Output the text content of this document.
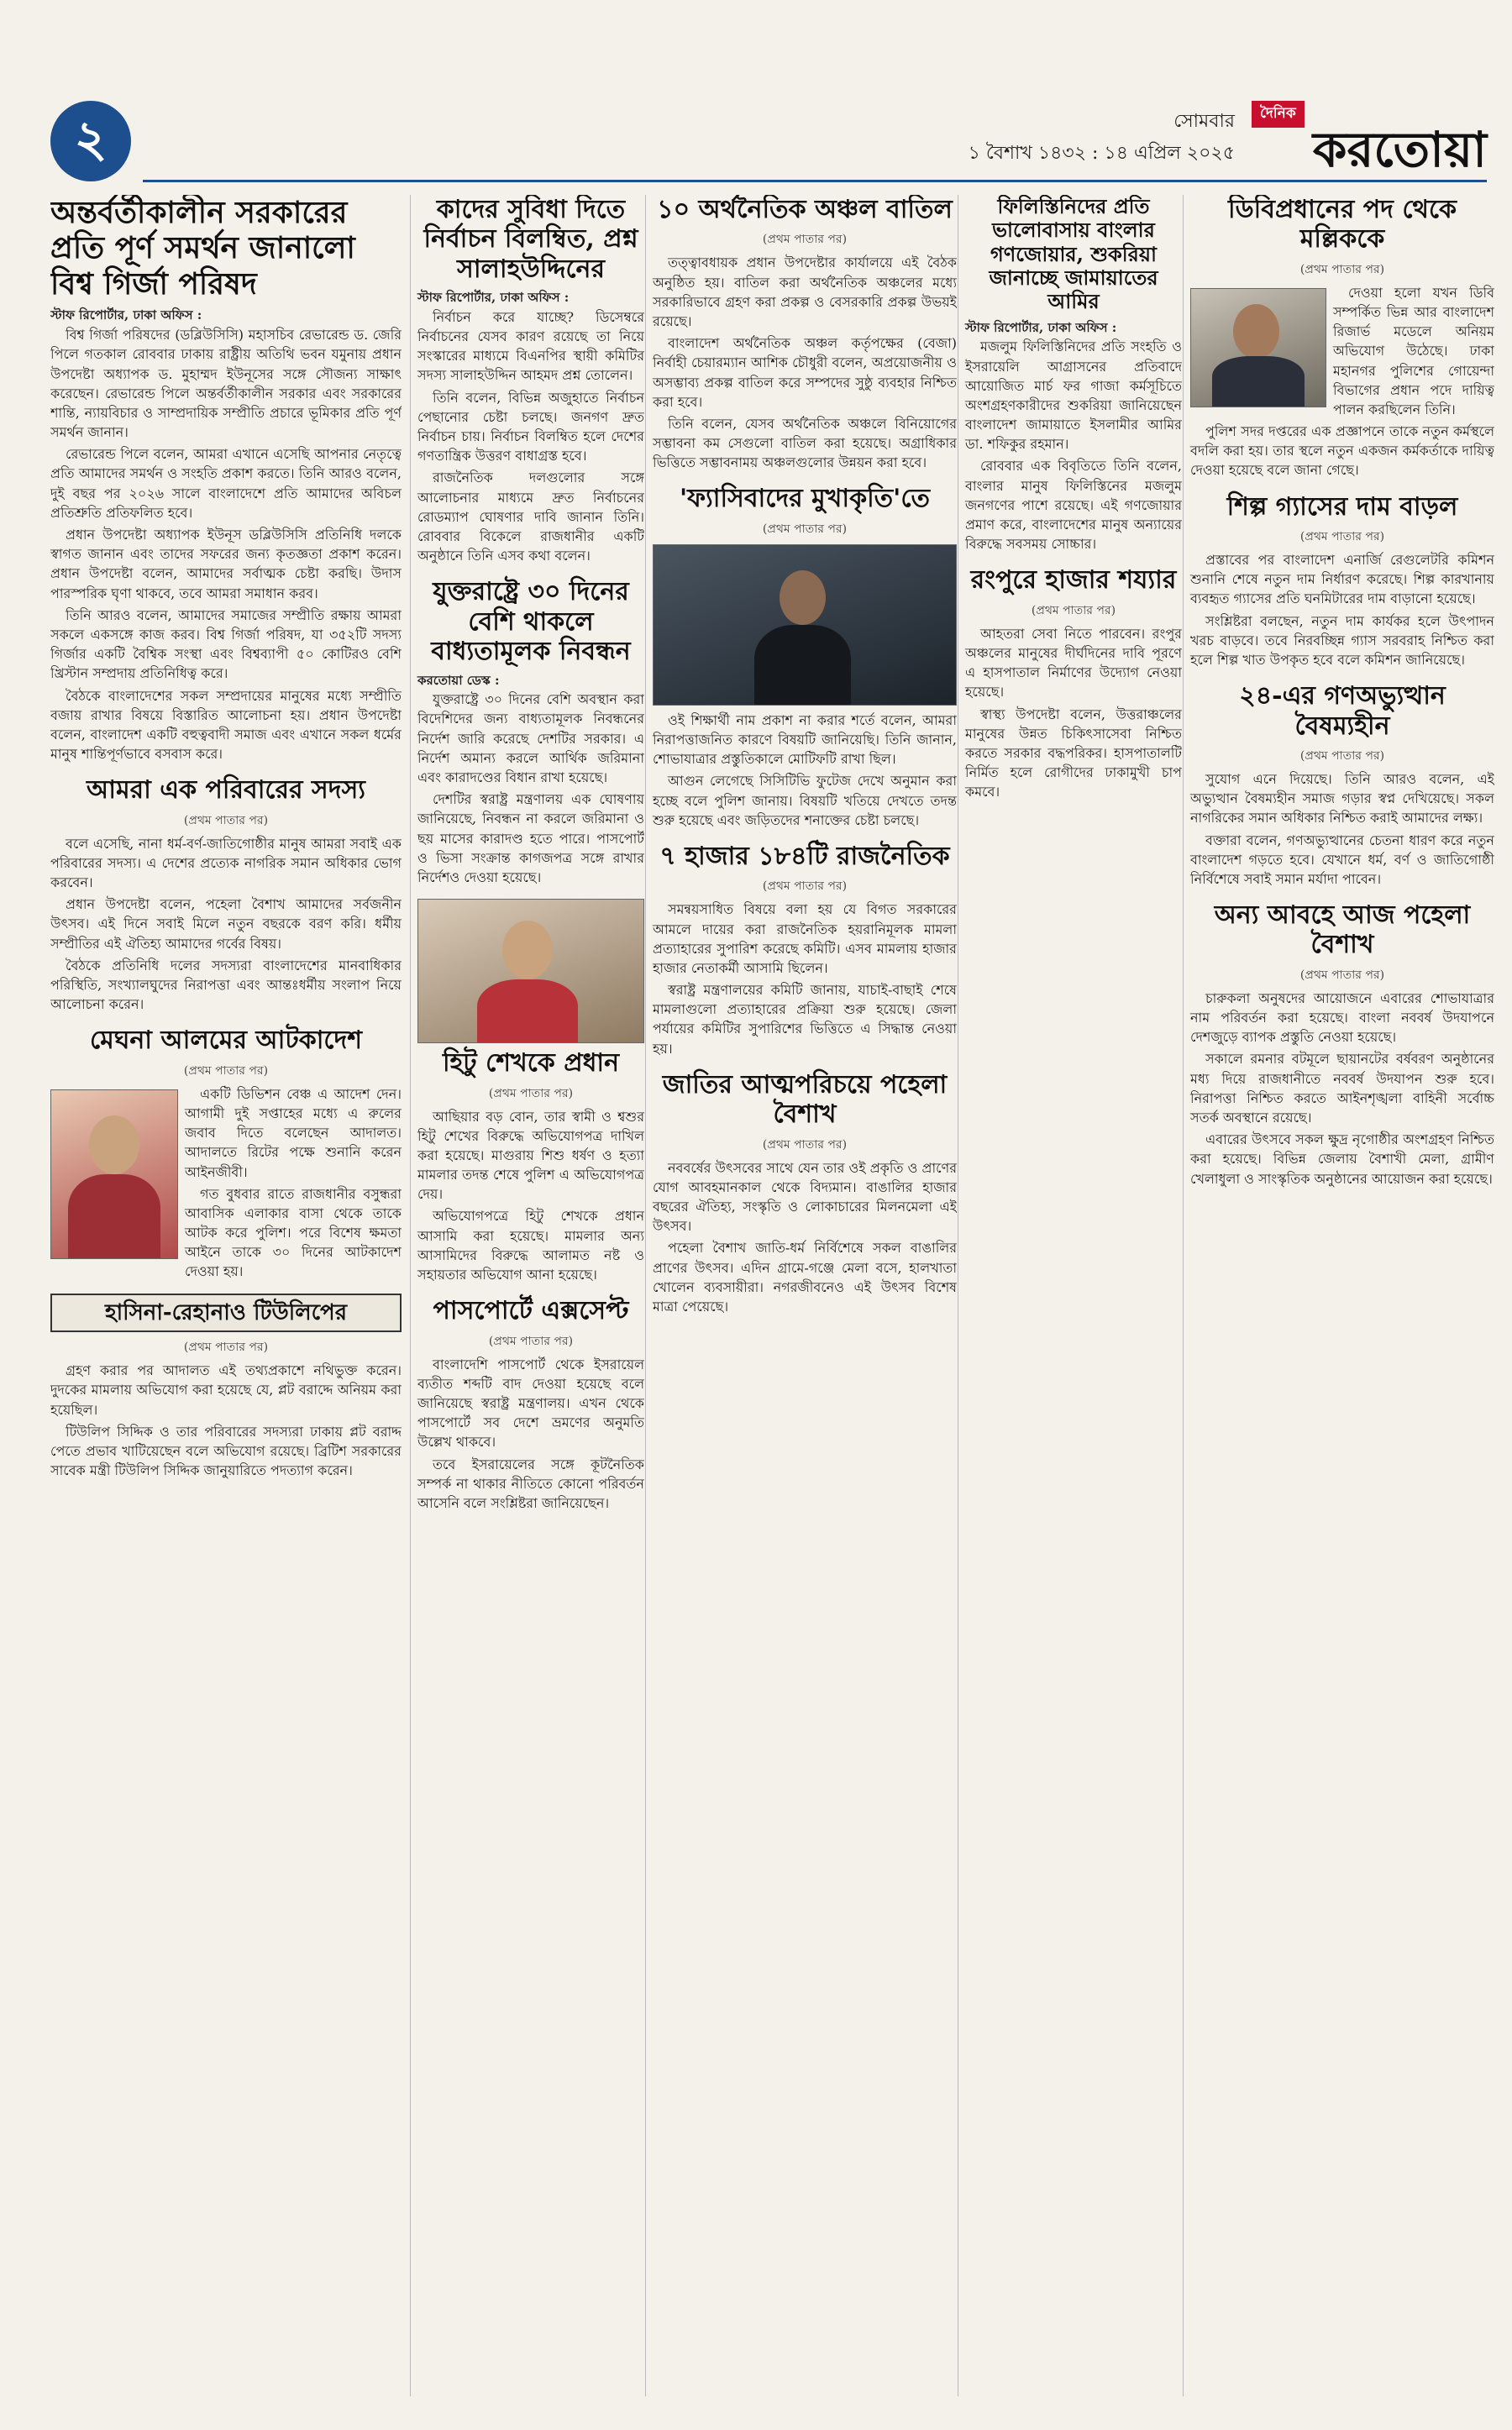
২	সোমবার
১ বৈশাখ ১৪৩২ : ১৪ এপ্রিল ২০২৫
দৈনিক
করতোয়া
অন্তর্বর্তীকালীন সরকারের প্রতি পূর্ণ সমর্থন জানালো বিশ্ব গির্জা পরিষদ
স্টাফ রিপোর্টার, ঢাকা অফিস :

বিশ্ব গির্জা পরিষদের (ডব্লিউসিসি) মহাসচিব রেভারেন্ড ড. জেরি পিলে গতকাল রোববার ঢাকায় রাষ্ট্রীয় অতিথি ভবন যমুনায় প্রধান উপদেষ্টা অধ্যাপক ড. মুহাম্মদ ইউনূসের সঙ্গে সৌজন্য সাক্ষাৎ করেছেন। রেভারেন্ড পিলে অন্তর্বর্তীকালীন সরকার এবং সরকারের শান্তি, ন্যায়বিচার ও সাম্প্রদায়িক সম্প্রীতি প্রচারে ভূমিকার প্রতি পূর্ণ সমর্থন জানান।

রেভারেন্ড পিলে বলেন, আমরা এখানে এসেছি আপনার নেতৃত্বে প্রতি আমাদের সমর্থন ও সংহতি প্রকাশ করতে। তিনি আরও বলেন, দুই বছর পর ২০২৬ সালে বাংলাদেশে প্রতি আমাদের অবিচল প্রতিশ্রুতি প্রতিফলিত হবে।

প্রধান উপদেষ্টা অধ্যাপক ইউনূস ডব্লিউসিসি প্রতিনিধি দলকে স্বাগত জানান এবং তাদের সফরের জন্য কৃতজ্ঞতা প্রকাশ করেন। প্রধান উপদেষ্টা বলেন, আমাদের সর্বাত্মক চেষ্টা করছি। উদাস পারস্পরিক ঘৃণা থাকবে, তবে আমরা সমাধান করব।

তিনি আরও বলেন, আমাদের সমাজের সম্প্রীতি রক্ষায় আমরা সকলে একসঙ্গে কাজ করব। বিশ্ব গির্জা পরিষদ, যা ৩৫২টি সদস্য গির্জার একটি বৈশ্বিক সংস্থা এবং বিশ্বব্যাপী ৫০ কোটিরও বেশি খ্রিস্টান সম্প্রদায় প্রতিনিধিত্ব করে।

বৈঠকে বাংলাদেশের সকল সম্প্রদায়ের মানুষের মধ্যে সম্প্রীতি বজায় রাখার বিষয়ে বিস্তারিত আলোচনা হয়। প্রধান উপদেষ্টা বলেন, বাংলাদেশ একটি বহুত্ববাদী সমাজ এবং এখানে সকল ধর্মের মানুষ শান্তিপূর্ণভাবে বসবাস করে।

আমরা এক পরিবারের সদস্য
(প্রথম পাতার পর)

বলে এসেছি, নানা ধর্ম-বর্ণ-জাতিগোষ্ঠীর মানুষ আমরা সবাই এক পরিবারের সদস্য। এ দেশের প্রত্যেক নাগরিক সমান অধিকার ভোগ করবেন।

প্রধান উপদেষ্টা বলেন, পহেলা বৈশাখ আমাদের সর্বজনীন উৎসব। এই দিনে সবাই মিলে নতুন বছরকে বরণ করি। ধর্মীয় সম্প্রীতির এই ঐতিহ্য আমাদের গর্বের বিষয়।

বৈঠকে প্রতিনিধি দলের সদস্যরা বাংলাদেশের মানবাধিকার পরিস্থিতি, সংখ্যালঘুদের নিরাপত্তা এবং আন্তঃধর্মীয় সংলাপ নিয়ে আলোচনা করেন।

মেঘনা আলমের আটকাদেশ
(প্রথম পাতার পর)

একটি ডিভিশন বেঞ্চ এ আদেশ দেন। আগামী দুই সপ্তাহের মধ্যে এ রুলের জবাব দিতে বলেছেন আদালত। আদালতে রিটের পক্ষে শুনানি করেন আইনজীবী।

গত বুধবার রাতে রাজধানীর বসুন্ধরা আবাসিক এলাকার বাসা থেকে তাকে আটক করে পুলিশ। পরে বিশেষ ক্ষমতা আইনে তাকে ৩০ দিনের আটকাদেশ দেওয়া হয়।

হাসিনা-রেহানাও টিউলিপের
(প্রথম পাতার পর)

গ্রহণ করার পর আদালত এই তথ্যপ্রকাশে নথিভুক্ত করেন। দুদকের মামলায় অভিযোগ করা হয়েছে যে, প্লট বরাদ্দে অনিয়ম করা হয়েছিল।

টিউলিপ সিদ্দিক ও তার পরিবারের সদস্যরা ঢাকায় প্লট বরাদ্দ পেতে প্রভাব খাটিয়েছেন বলে অভিযোগ রয়েছে। ব্রিটিশ সরকারের সাবেক মন্ত্রী টিউলিপ সিদ্দিক জানুয়ারিতে পদত্যাগ করেন।

কাদের সুবিধা দিতে নির্বাচন বিলম্বিত, প্রশ্ন সালাহউদ্দিনের
স্টাফ রিপোর্টার, ঢাকা অফিস :

নির্বাচন করে যাচ্ছে? ডিসেম্বরে নির্বাচনের যেসব কারণ রয়েছে তা নিয়ে সংস্কারের মাধ্যমে বিএনপির স্থায়ী কমিটির সদস্য সালাহউদ্দিন আহমদ প্রশ্ন তোলেন।

তিনি বলেন, বিভিন্ন অজুহাতে নির্বাচন পেছানোর চেষ্টা চলছে। জনগণ দ্রুত নির্বাচন চায়। নির্বাচন বিলম্বিত হলে দেশের গণতান্ত্রিক উত্তরণ বাধাগ্রস্ত হবে।

রাজনৈতিক দলগুলোর সঙ্গে আলোচনার মাধ্যমে দ্রুত নির্বাচনের রোডম্যাপ ঘোষণার দাবি জানান তিনি। রোববার বিকেলে রাজধানীর একটি অনুষ্ঠানে তিনি এসব কথা বলেন।

যুক্তরাষ্ট্রে ৩০ দিনের বেশি থাকলে বাধ্যতামূলক নিবন্ধন
করতোয়া ডেস্ক :

যুক্তরাষ্ট্রে ৩০ দিনের বেশি অবস্থান করা বিদেশিদের জন্য বাধ্যতামূলক নিবন্ধনের নির্দেশ জারি করেছে দেশটির সরকার। এ নির্দেশ অমান্য করলে আর্থিক জরিমানা এবং কারাদণ্ডের বিধান রাখা হয়েছে।

দেশটির স্বরাষ্ট্র মন্ত্রণালয় এক ঘোষণায় জানিয়েছে, নিবন্ধন না করলে জরিমানা ও ছয় মাসের কারাদণ্ড হতে পারে। পাসপোর্ট ও ভিসা সংক্রান্ত কাগজপত্র সঙ্গে রাখার নির্দেশও দেওয়া হয়েছে।

হিটু শেখকে প্রধান
(প্রথম পাতার পর)

আছিয়ার বড় বোন, তার স্বামী ও শ্বশুর হিটু শেখের বিরুদ্ধে অভিযোগপত্র দাখিল করা হয়েছে। মাগুরায় শিশু ধর্ষণ ও হত্যা মামলার তদন্ত শেষে পুলিশ এ অভিযোগপত্র দেয়।

অভিযোগপত্রে হিটু শেখকে প্রধান আসামি করা হয়েছে। মামলার অন্য আসামিদের বিরুদ্ধে আলামত নষ্ট ও সহায়তার অভিযোগ আনা হয়েছে।

পাসপোর্টে এক্সসেপ্ট
(প্রথম পাতার পর)

বাংলাদেশি পাসপোর্ট থেকে ইসরায়েল ব্যতীত শব্দটি বাদ দেওয়া হয়েছে বলে জানিয়েছে স্বরাষ্ট্র মন্ত্রণালয়। এখন থেকে পাসপোর্টে সব দেশে ভ্রমণের অনুমতি উল্লেখ থাকবে।

তবে ইসরায়েলের সঙ্গে কূটনৈতিক সম্পর্ক না থাকার নীতিতে কোনো পরিবর্তন আসেনি বলে সংশ্লিষ্টরা জানিয়েছেন।

১০ অর্থনৈতিক অঞ্চল বাতিল
(প্রথম পাতার পর)

তত্ত্বাবধায়ক প্রধান উপদেষ্টার কার্যালয়ে এই বৈঠক অনুষ্ঠিত হয়। বাতিল করা অর্থনৈতিক অঞ্চলের মধ্যে সরকারিভাবে গ্রহণ করা প্রকল্প ও বেসরকারি প্রকল্প উভয়ই রয়েছে।

বাংলাদেশ অর্থনৈতিক অঞ্চল কর্তৃপক্ষের (বেজা) নির্বাহী চেয়ারম্যান আশিক চৌধুরী বলেন, অপ্রয়োজনীয় ও অসম্ভাব্য প্রকল্প বাতিল করে সম্পদের সুষ্ঠু ব্যবহার নিশ্চিত করা হবে।

তিনি বলেন, যেসব অর্থনৈতিক অঞ্চলে বিনিয়োগের সম্ভাবনা কম সেগুলো বাতিল করা হয়েছে। অগ্রাধিকার ভিত্তিতে সম্ভাবনাময় অঞ্চলগুলোর উন্নয়ন করা হবে।

'ফ্যাসিবাদের মুখাকৃতি'তে
(প্রথম পাতার পর)

ওই শিক্ষার্থী নাম প্রকাশ না করার শর্তে বলেন, আমরা নিরাপত্তাজনিত কারণে বিষয়টি জানিয়েছি। তিনি জানান, শোভাযাত্রার প্রস্তুতিকালে মোটিফটি রাখা ছিল।

আগুন লেগেছে সিসিটিভি ফুটেজ দেখে অনুমান করা হচ্ছে বলে পুলিশ জানায়। বিষয়টি খতিয়ে দেখতে তদন্ত শুরু হয়েছে এবং জড়িতদের শনাক্তের চেষ্টা চলছে।

৭ হাজার ১৮৪টি রাজনৈতিক
(প্রথম পাতার পর)

সমন্বয়সাধিত বিষয়ে বলা হয় যে বিগত সরকারের আমলে দায়ের করা রাজনৈতিক হয়রানিমূলক মামলা প্রত্যাহারের সুপারিশ করেছে কমিটি। এসব মামলায় হাজার হাজার নেতাকর্মী আসামি ছিলেন।

স্বরাষ্ট্র মন্ত্রণালয়ের কমিটি জানায়, যাচাই-বাছাই শেষে মামলাগুলো প্রত্যাহারের প্রক্রিয়া শুরু হয়েছে। জেলা পর্যায়ের কমিটির সুপারিশের ভিত্তিতে এ সিদ্ধান্ত নেওয়া হয়।

জাতির আত্মপরিচয়ে পহেলা বৈশাখ
(প্রথম পাতার পর)

নববর্ষের উৎসবের সাথে যেন তার ওই প্রকৃতি ও প্রাণের যোগ আবহমানকাল থেকে বিদ্যমান। বাঙালির হাজার বছরের ঐতিহ্য, সংস্কৃতি ও লোকাচারের মিলনমেলা এই উৎসব।

পহেলা বৈশাখ জাতি-ধর্ম নির্বিশেষে সকল বাঙালির প্রাণের উৎসব। এদিন গ্রামে-গঞ্জে মেলা বসে, হালখাতা খোলেন ব্যবসায়ীরা। নগরজীবনেও এই উৎসব বিশেষ মাত্রা পেয়েছে।

ফিলিস্তিনিদের প্রতি ভালোবাসায় বাংলার গণজোয়ার, শুকরিয়া জানাচ্ছে জামায়াতের আমির
স্টাফ রিপোর্টার, ঢাকা অফিস :

মজলুম ফিলিস্তিনিদের প্রতি সংহতি ও ইসরায়েলি আগ্রাসনের প্রতিবাদে আয়োজিত মার্চ ফর গাজা কর্মসূচিতে অংশগ্রহণকারীদের শুকরিয়া জানিয়েছেন বাংলাদেশ জামায়াতে ইসলামীর আমির ডা. শফিকুর রহমান।

রোববার এক বিবৃতিতে তিনি বলেন, বাংলার মানুষ ফিলিস্তিনের মজলুম জনগণের পাশে রয়েছে। এই গণজোয়ার প্রমাণ করে, বাংলাদেশের মানুষ অন্যায়ের বিরুদ্ধে সবসময় সোচ্চার।

রংপুরে হাজার শয্যার
(প্রথম পাতার পর)

আহতরা সেবা নিতে পারবেন। রংপুর অঞ্চলের মানুষের দীর্ঘদিনের দাবি পূরণে এ হাসপাতাল নির্মাণের উদ্যোগ নেওয়া হয়েছে।

স্বাস্থ্য উপদেষ্টা বলেন, উত্তরাঞ্চলের মানুষের উন্নত চিকিৎসাসেবা নিশ্চিত করতে সরকার বদ্ধপরিকর। হাসপাতালটি নির্মিত হলে রোগীদের ঢাকামুখী চাপ কমবে।

ডিবিপ্রধানের পদ থেকে মল্লিককে
(প্রথম পাতার পর)

দেওয়া হলো যখন ডিবি সম্পর্কিত ভিন্ন আর বাংলাদেশ রিজার্ভ মডেলে অনিয়ম অভিযোগ উঠেছে। ঢাকা মহানগর পুলিশের গোয়েন্দা বিভাগের প্রধান পদে দায়িত্ব পালন করছিলেন তিনি।

পুলিশ সদর দপ্তরের এক প্রজ্ঞাপনে তাকে নতুন কর্মস্থলে বদলি করা হয়। তার স্থলে নতুন একজন কর্মকর্তাকে দায়িত্ব দেওয়া হয়েছে বলে জানা গেছে।

শিল্প গ্যাসের দাম বাড়ল
(প্রথম পাতার পর)

প্রস্তাবের পর বাংলাদেশ এনার্জি রেগুলেটরি কমিশন শুনানি শেষে নতুন দাম নির্ধারণ করেছে। শিল্প কারখানায় ব্যবহৃত গ্যাসের প্রতি ঘনমিটারের দাম বাড়ানো হয়েছে।

সংশ্লিষ্টরা বলছেন, নতুন দাম কার্যকর হলে উৎপাদন খরচ বাড়বে। তবে নিরবচ্ছিন্ন গ্যাস সরবরাহ নিশ্চিত করা হলে শিল্প খাত উপকৃত হবে বলে কমিশন জানিয়েছে।

২৪-এর গণঅভ্যুত্থান বৈষম্যহীন
(প্রথম পাতার পর)

সুযোগ এনে দিয়েছে। তিনি আরও বলেন, এই অভ্যুত্থান বৈষম্যহীন সমাজ গড়ার স্বপ্ন দেখিয়েছে। সকল নাগরিকের সমান অধিকার নিশ্চিত করাই আমাদের লক্ষ্য।

বক্তারা বলেন, গণঅভ্যুত্থানের চেতনা ধারণ করে নতুন বাংলাদেশ গড়তে হবে। যেখানে ধর্ম, বর্ণ ও জাতিগোষ্ঠী নির্বিশেষে সবাই সমান মর্যাদা পাবেন।

অন্য আবহে আজ পহেলা বৈশাখ
(প্রথম পাতার পর)

চারুকলা অনুষদের আয়োজনে এবারের শোভাযাত্রার নাম পরিবর্তন করা হয়েছে। বাংলা নববর্ষ উদযাপনে দেশজুড়ে ব্যাপক প্রস্তুতি নেওয়া হয়েছে।

সকালে রমনার বটমূলে ছায়ানটের বর্ষবরণ অনুষ্ঠানের মধ্য দিয়ে রাজধানীতে নববর্ষ উদযাপন শুরু হবে। নিরাপত্তা নিশ্চিত করতে আইনশৃঙ্খলা বাহিনী সর্বোচ্চ সতর্ক অবস্থানে রয়েছে।

এবারের উৎসবে সকল ক্ষুদ্র নৃগোষ্ঠীর অংশগ্রহণ নিশ্চিত করা হয়েছে। বিভিন্ন জেলায় বৈশাখী মেলা, গ্রামীণ খেলাধুলা ও সাংস্কৃতিক অনুষ্ঠানের আয়োজন করা হয়েছে।
